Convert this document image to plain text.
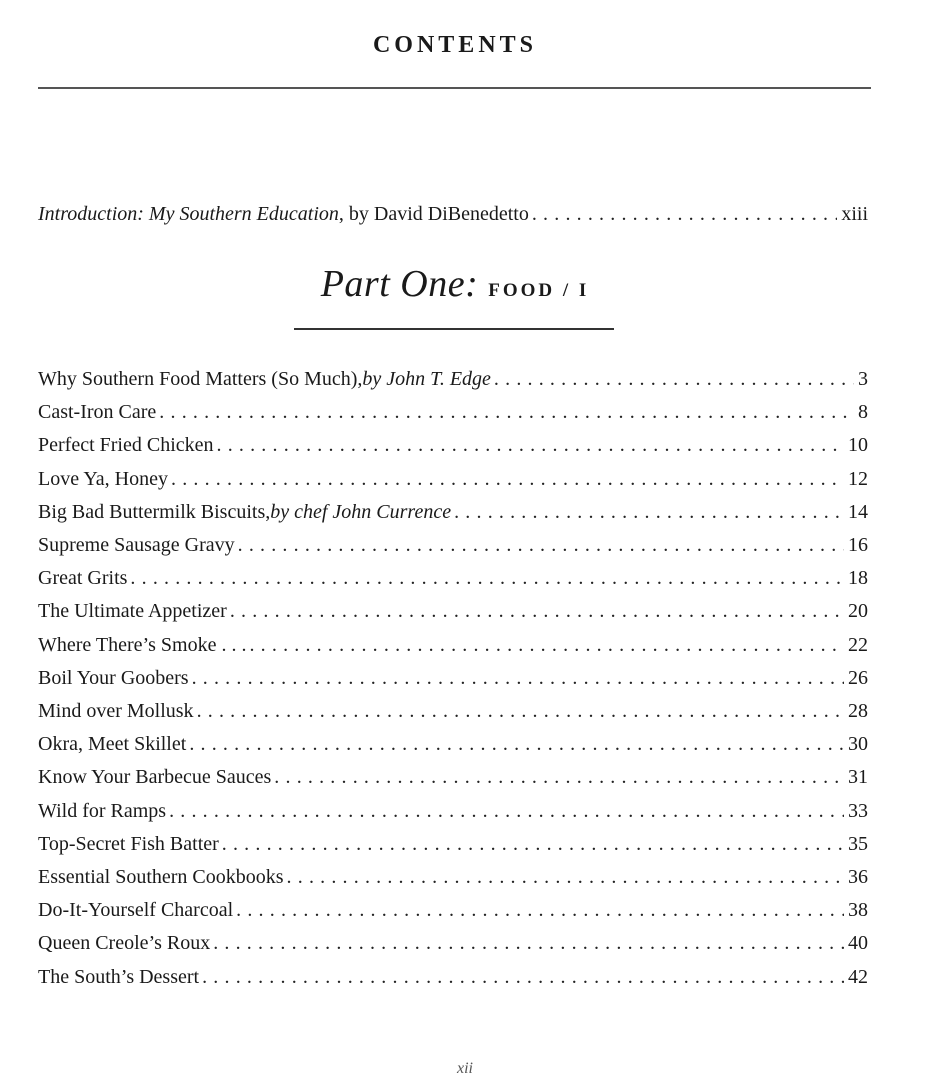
CONTENTS
Introduction: My Southern Education , by David DiBenedetto . . .	xiii
Part One: FOOD / I
Why Southern Food Matters (So Much), by John T. Edge . . .	3
Cast-Iron Care . . .	8
Perfect Fried Chicken . . .	10
Love Ya, Honey . . .	12
Big Bad Buttermilk Biscuits, by chef John Currence . . .	14
Supreme Sausage Gravy . . .	16
Great Grits . . .	18
The Ultimate Appetizer . . .	20
Where There’s Smoke . . . . . .	22
Boil Your Goobers . . .	26
Mind over Mollusk . . .	28
Okra, Meet Skillet . . .	30
Know Your Barbecue Sauces . . .	31
Wild for Ramps . . .	33
Top-Secret Fish Batter . . .	35
Essential Southern Cookbooks . . .	36
Do-It-Yourself Charcoal . . .	38
Queen Creole’s Roux . . .	40
The South’s Dessert . . .	42
xii
